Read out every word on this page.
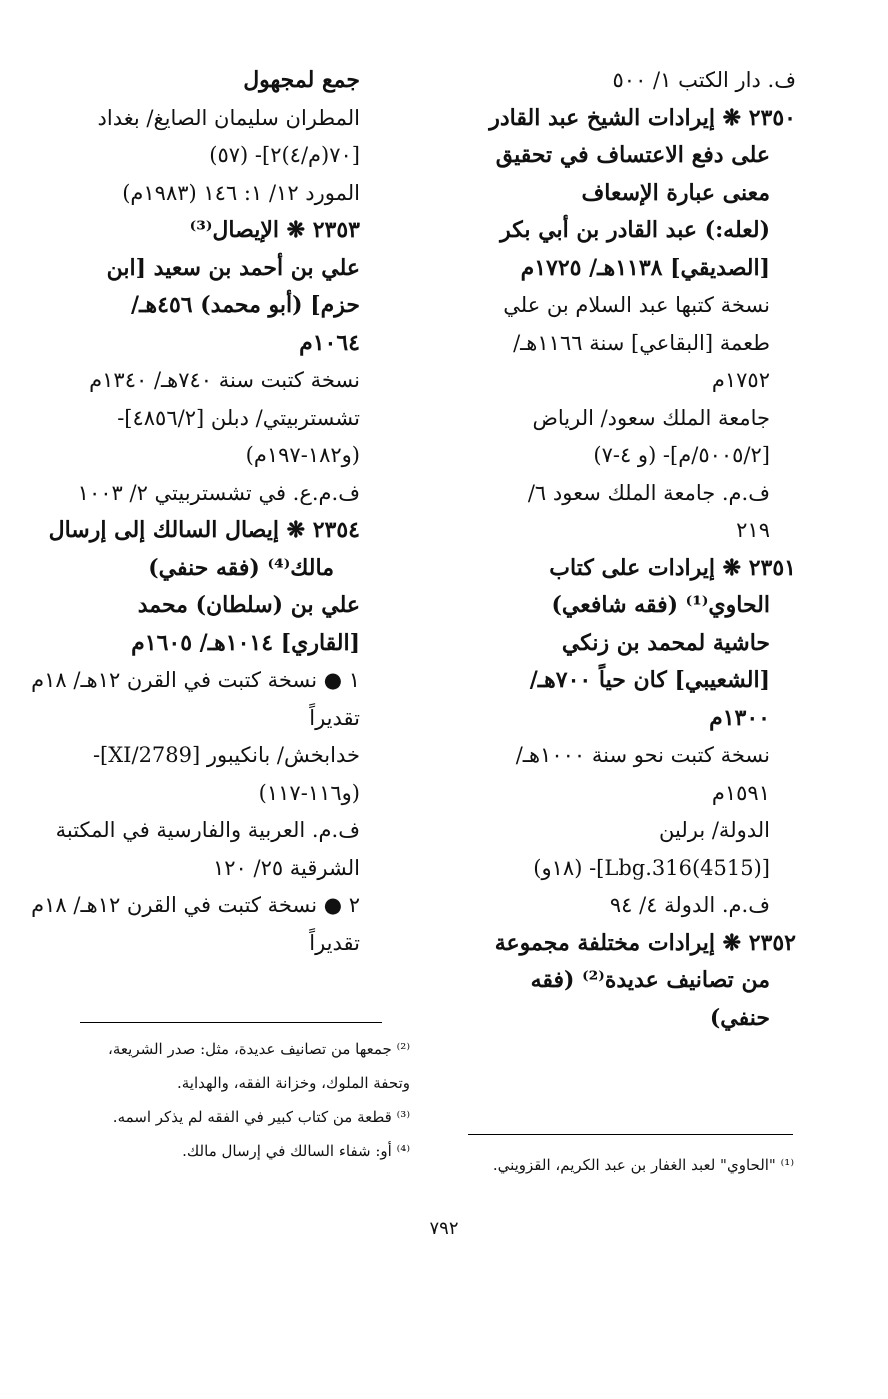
ف. دار الكتب ١/ ٥٠٠
٢٣٥٠ ❋ إيرادات الشيخ عبد القادر
على دفع الاعتساف في تحقيق
معنى عبارة الإسعاف
(لعله:) عبد القادر بن أبي بكر
[الصديقي] ١١٣٨هـ/ ١٧٢٥م
نسخة كتبها عبد السلام بن علي
طعمة [البقاعي] سنة ١١٦٦هـ/
١٧٥٢م
جامعة الملك سعود/ الرياض
[٥٠٠٥/٢/م]- (و ٤-٧)
ف.م. جامعة الملك سعود ٦/
٢١٩
٢٣٥١ ❋ إيرادات على كتاب
الحاوي⁽¹⁾ (فقه شافعي)
حاشية لمحمد بن زنكي
[الشعيبي] كان حياً ٧٠٠هـ/
١٣٠٠م
نسخة كتبت نحو سنة ١٠٠٠هـ/
١٥٩١م
الدولة/ برلين
[Lbg.316(4515)]- (١٨و)
ف.م. الدولة ٤/ ٩٤
٢٣٥٢ ❋ إيرادات مختلفة مجموعة
من تصانيف عديدة⁽²⁾ (فقه
حنفي)
جمع لمجهول
المطران سليمان الصايغ/ بغداد
[٧٠(م/٤)٢]- (٥٧)
المورد ١٢/ ١: ١٤٦ (١٩٨٣م)
٢٣٥٣ ❋ الإيصال⁽³⁾
علي بن أحمد بن سعيد [ابن
حزم] (أبو محمد) ٤٥٦هـ/
١٠٦٤م
نسخة كتبت سنة ٧٤٠هـ/ ١٣٤٠م
تشستربيتي/ دبلن [٤٨٥٦/٢]-
(و١٨٢-١٩٧م)
ف.م.ع. في تشستربيتي ٢/ ١٠٠٣
٢٣٥٤ ❋ إيصال السالك إلى إرسال
مالك⁽⁴⁾ (فقه حنفي)
علي بن (سلطان) محمد
[القاري] ١٠١٤هـ/ ١٦٠٥م
١ ● نسخة كتبت في القرن ١٢هـ/ ١٨م
تقديراً
خدابخش/ بانكيبور [2789/XI]-
(و١١٦-١١٧)
ف.م. العربية والفارسية في المكتبة
الشرقية ٢٥/ ١٢٠
٢ ● نسخة كتبت في القرن ١٢هـ/ ١٨م
تقديراً
⁽²⁾ جمعها من تصانيف عديدة، مثل: صدر الشريعة،
وتحفة الملوك، وخزانة الفقه، والهداية.
⁽³⁾ قطعة من كتاب كبير في الفقه لم يذكر اسمه.
⁽⁴⁾ أو: شفاء السالك في إرسال مالك.
⁽¹⁾ "الحاوي" لعبد الغفار بن عبد الكريم، القزويني.
٧٩٢
